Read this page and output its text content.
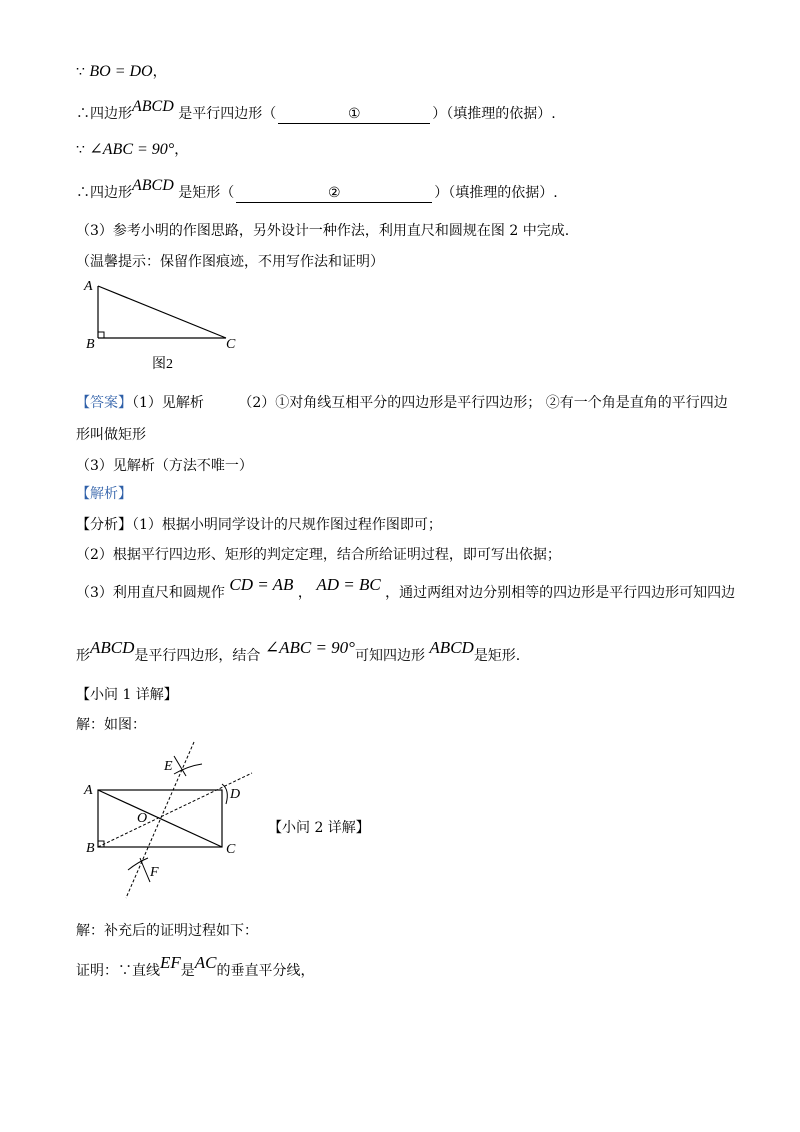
∵ BO = DO，
∴四边形ABCD 是平行四边形（	①	）（填推理的依据）.
∵ ∠ABC = 90°，
∴四边形ABCD 是矩形（	②	）（填推理的依据）.
（3）参考小明的作图思路，另外设计一种作法，利用直尺和圆规在图 2 中完成.
（温馨提示：保留作图痕迹，不用写作法和证明）
A
B	C
图2
【答案】（1）见解析 （2）①对角线互相平分的四边形是平行四边形； ②有一个角是直角的平行四边
形叫做矩形
（3）见解析（方法不唯一）
【解析】
【分析】（1）根据小明同学设计的尺规作图过程作图即可；
（2）根据平行四边形、矩形的判定定理，结合所给证明过程，即可写出依据；
（3）利用直尺和圆规作 CD = AB ， AD = BC ，通过两组对边分别相等的四边形是平行四边形可知四边
形ABCD是平行四边形，结合 ∠ABC = 90°可知四边形 ABCD是矩形.
【小问 1 详解】
解：如图：
A
B	C
D
E
F
O
【小问 2 详解】
解：补充后的证明过程如下：
证明：∵直线EF是AC的垂直平分线，
